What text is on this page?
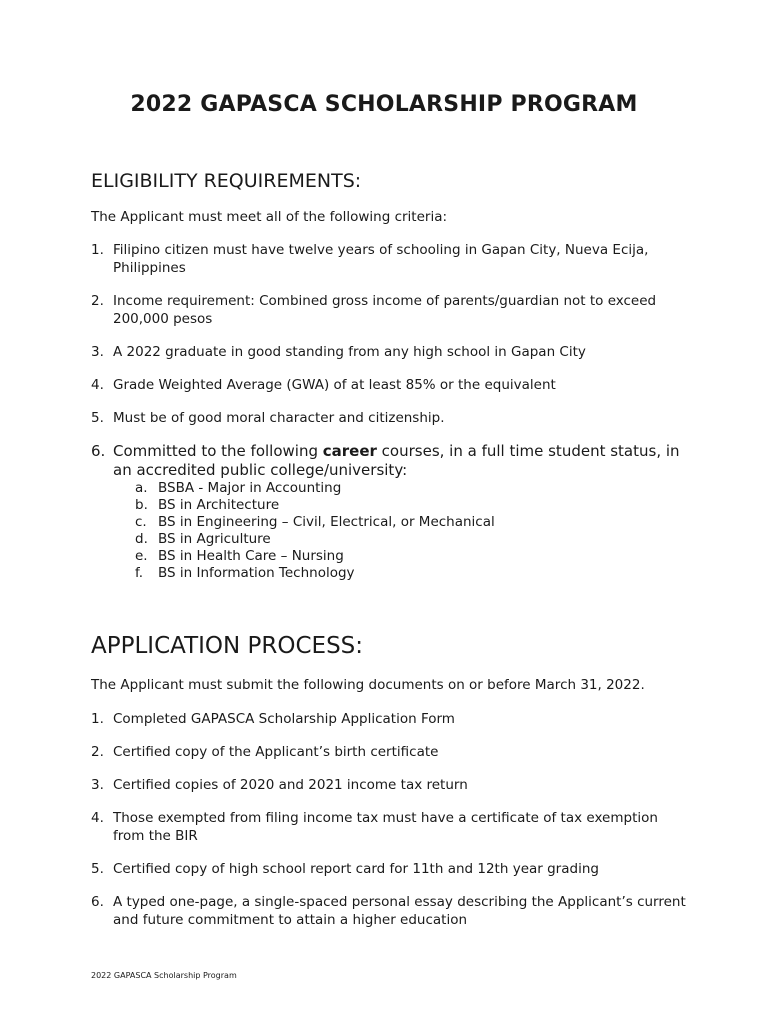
2022 GAPASCA SCHOLARSHIP PROGRAM
ELIGIBILITY REQUIREMENTS:
The Applicant must meet all of the following criteria:
1. Filipino citizen must have twelve years of schooling in Gapan City, Nueva Ecija, Philippines
2. Income requirement: Combined gross income of parents/guardian not to exceed 200,000 pesos
3. A 2022 graduate in good standing from any high school in Gapan City
4. Grade Weighted Average (GWA) of at least 85% or the equivalent
5. Must be of good moral character and citizenship.
6. Committed to the following career courses, in a full time student status, in an accredited public college/university:
a. BSBA - Major in Accounting
b. BS in Architecture
c. BS in Engineering – Civil, Electrical, or Mechanical
d. BS in Agriculture
e. BS in Health Care – Nursing
f. BS in Information Technology
APPLICATION PROCESS:
The Applicant must submit the following documents on or before March 31, 2022.
1. Completed GAPASCA Scholarship Application Form
2. Certified copy of the Applicant’s birth certificate
3. Certified copies of 2020 and 2021 income tax return
4. Those exempted from filing income tax must have a certificate of tax exemption from the BIR
5. Certified copy of high school report card for 11th and 12th year grading
6. A typed one-page, a single-spaced personal essay describing the Applicant’s current and future commitment to attain a higher education
2022 GAPASCA Scholarship Program
